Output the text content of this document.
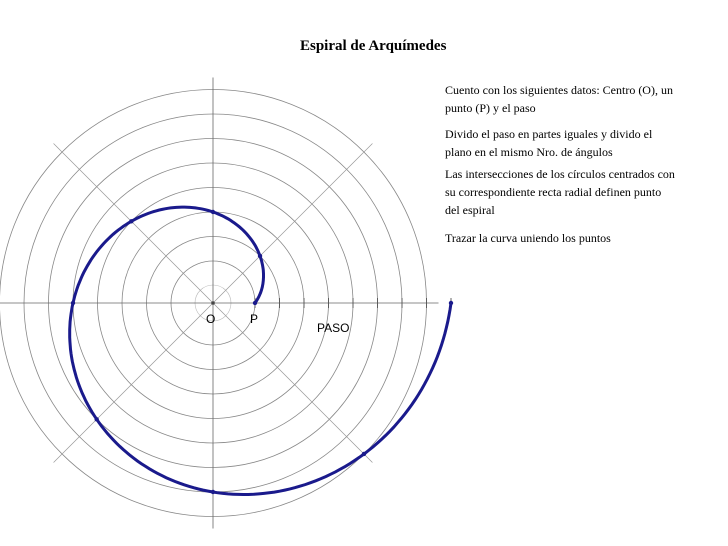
Espiral de Arquímedes
Cuento con los siguientes datos: Centro (O), un punto (P) y el paso
Divido el paso en partes iguales y divido el plano en el mismo Nro. de ángulos
Las intersecciones de los círculos centrados con su correspondiente recta radial definen punto del espiral
Trazar la curva uniendo los puntos
O	P
PASO
